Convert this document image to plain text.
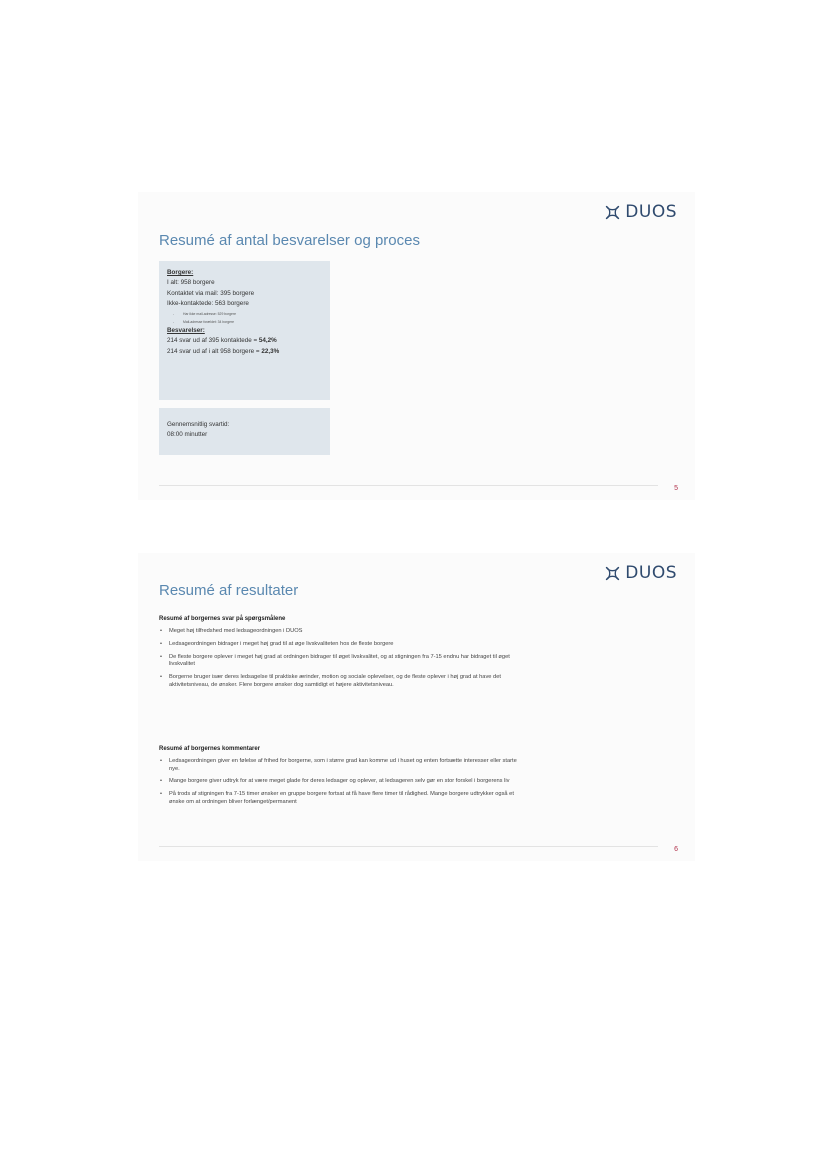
DUOS
Resumé af antal besvarelser og proces
Borgere:
I alt: 958 borgere
Kontaktet via mail: 395 borgere
Ikke-kontaktede: 563 borgere
-	Har ikke mail-adresse: 529 borgere
-	Mail-adresse forældet: 34 borgere
Besvarelser:
214 svar ud af 395 kontaktede = 54,2%
214 svar ud af i alt 958 borgere = 22,3%
Gennemsnitlig svartid:
08:00 minutter
5
DUOS
Resumé af resultater
Resumé af borgernes svar på spørgsmålene
• Meget høj tilfredshed med ledsageordningen i DUOS
• Ledsageordningen bidrager i meget høj grad til at øge livskvaliteten hos de fleste borgere
• De fleste borgere oplever i meget høj grad at ordningen bidrager til øget livskvalitet, og at stigningen fra 7-15 endnu har bidraget til øget livskvalitet
• Borgerne bruger især deres ledsagelse til praktiske ærinder, motion og sociale oplevelser, og de fleste oplever i høj grad at have det aktivitetsniveau, de ønsker. Flere borgere ønsker dog samtidigt et højere aktivitetsniveau.
Resumé af borgernes kommentarer
• Ledsageordningen giver en følelse af frihed for borgerne, som i større grad kan komme ud i huset og enten fortsætte interesser eller starte nye.
• Mange borgere giver udtryk for at være meget glade for deres ledsager og oplever, at ledsageren selv gør en stor forskel i borgerens liv
• På trods af stigningen fra 7-15 timer ønsker en gruppe borgere fortsat at få have flere timer til rådighed. Mange borgere udtrykker også et ønske om at ordningen bliver forlænget/permanent
6
